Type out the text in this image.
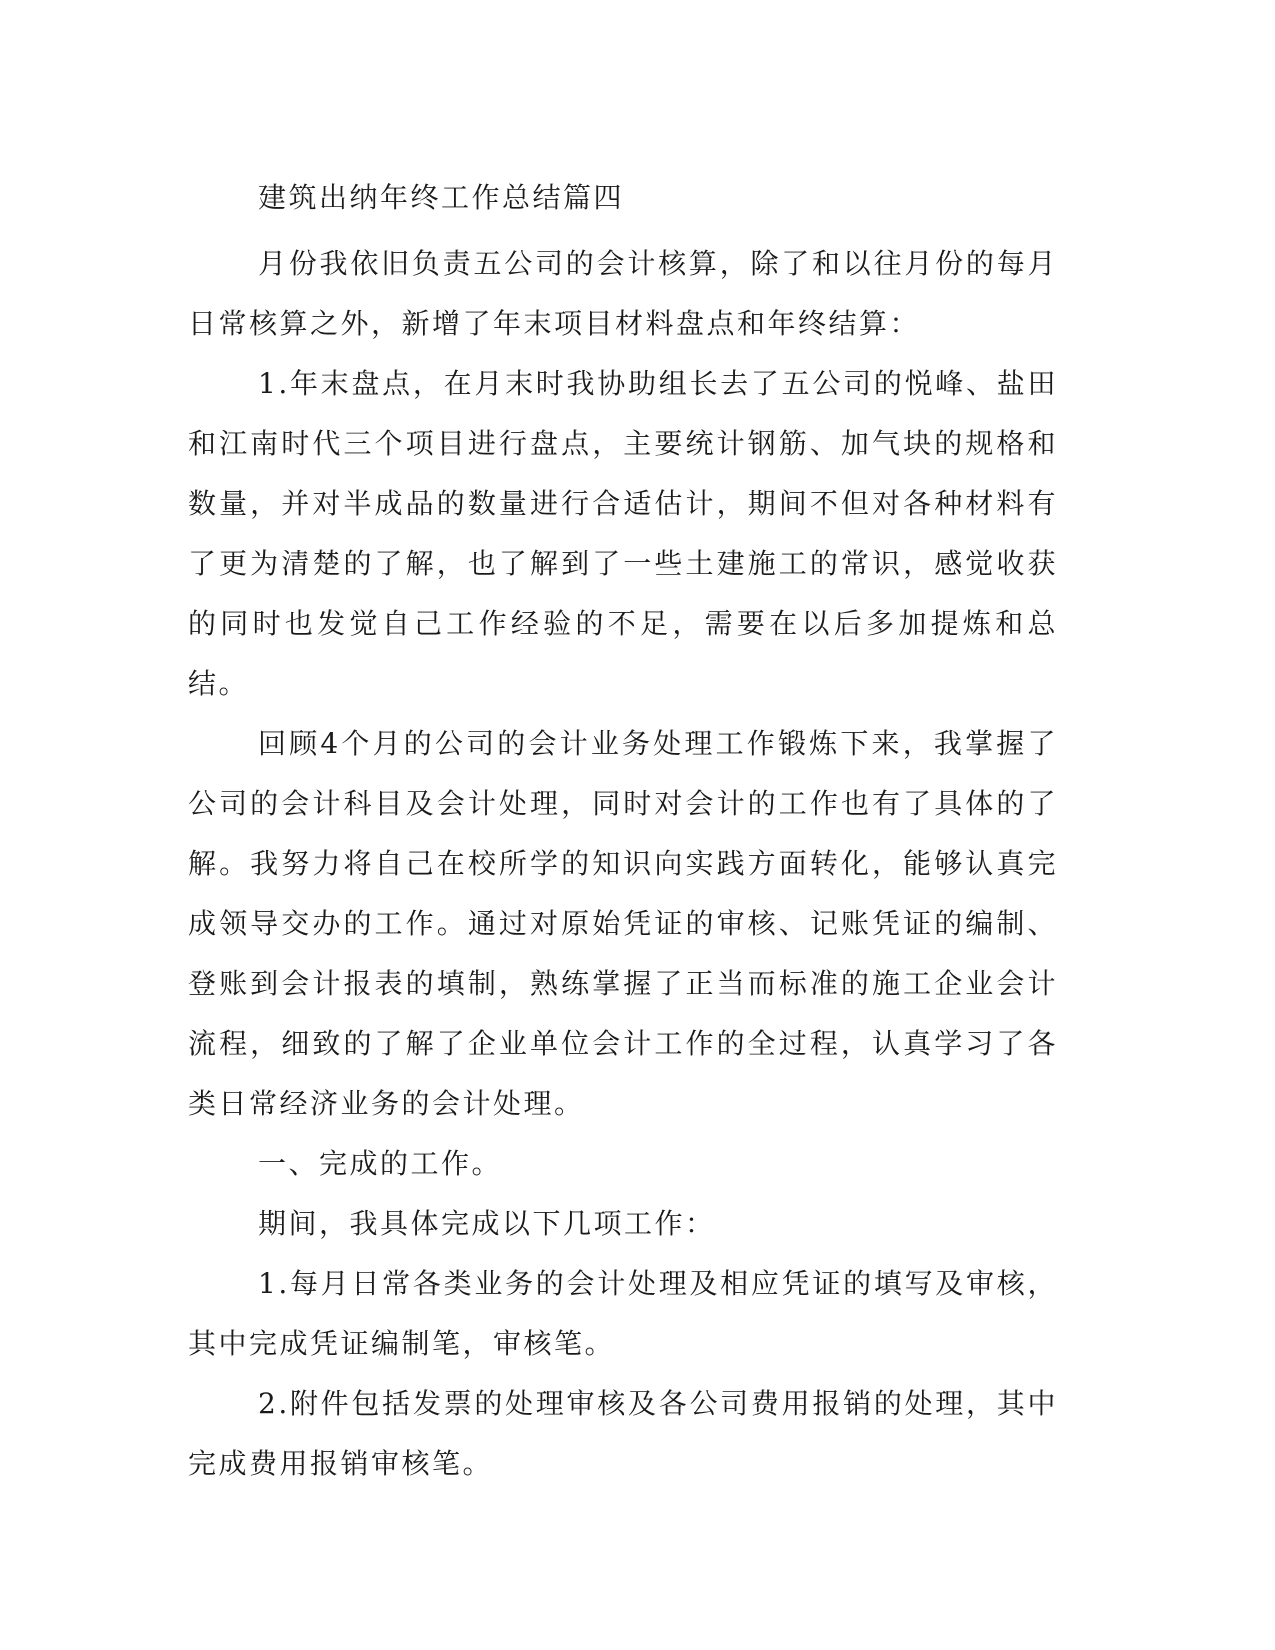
建筑出纳年终工作总结篇四

月份我依旧负责五公司的会计核算，除了和以往月份的每月日常核算之外，新增了年末项目材料盘点和年终结算：

1.年末盘点，在月末时我协助组长去了五公司的悦峰、盐田和江南时代三个项目进行盘点，主要统计钢筋、加气块的规格和数量，并对半成品的数量进行合适估计，期间不但对各种材料有了更为清楚的了解，也了解到了一些土建施工的常识，感觉收获的同时也发觉自己工作经验的不足，需要在以后多加提炼和总结。

回顾4个月的公司的会计业务处理工作锻炼下来，我掌握了公司的会计科目及会计处理，同时对会计的工作也有了具体的了解。我努力将自己在校所学的知识向实践方面转化，能够认真完成领导交办的工作。通过对原始凭证的审核、记账凭证的编制、登账到会计报表的填制，熟练掌握了正当而标准的施工企业会计流程，细致的了解了企业单位会计工作的全过程，认真学习了各类日常经济业务的会计处理。

一、完成的工作。

期间，我具体完成以下几项工作：

1.每月日常各类业务的会计处理及相应凭证的填写及审核，其中完成凭证编制笔，审核笔。

2.附件包括发票的处理审核及各公司费用报销的处理，其中完成费用报销审核笔。
